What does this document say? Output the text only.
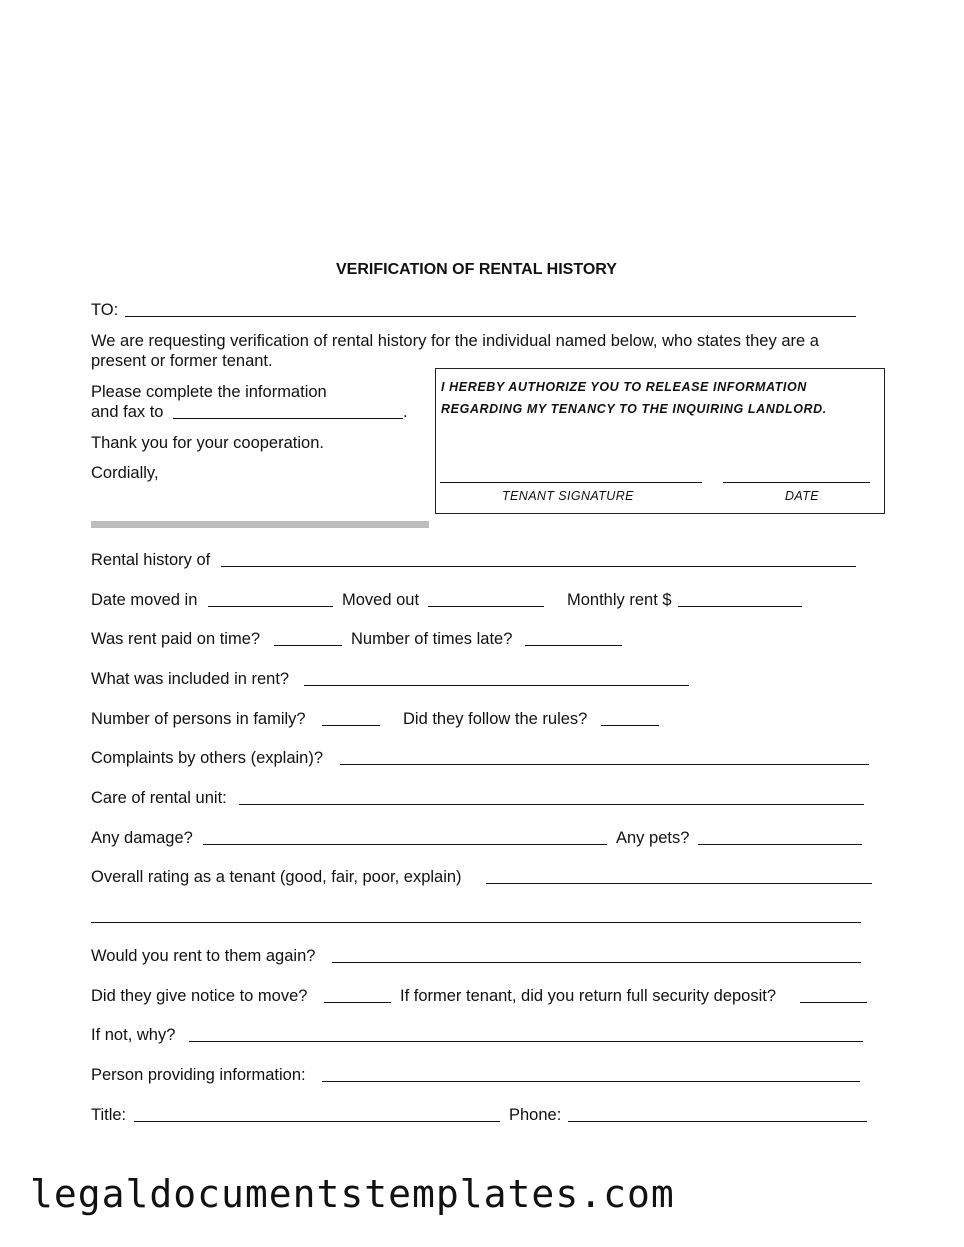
VERIFICATION OF RENTAL HISTORY
TO:
We are requesting verification of rental history for the individual named below, who states they are a
present or former tenant.
Please complete the information
and fax to	.
Thank you for your cooperation.
Cordially,
I HEREBY AUTHORIZE YOU TO RELEASE INFORMATION
REGARDING MY TENANCY TO THE INQUIRING LANDLORD.
TENANT SIGNATURE	DATE
Rental history of
Date moved in	Moved out	Monthly rent $
Was rent paid on time?	Number of times late?
What was included in rent?
Number of persons in family?	Did they follow the rules?
Complaints by others (explain)?
Care of rental unit:
Any damage?	Any pets?
Overall rating as a tenant (good, fair, poor, explain)
Would you rent to them again?
Did they give notice to move?	If former tenant, did you return full security deposit?
If not, why?
Person providing information:
Title:	Phone:
legaldocumentstemplates.com
